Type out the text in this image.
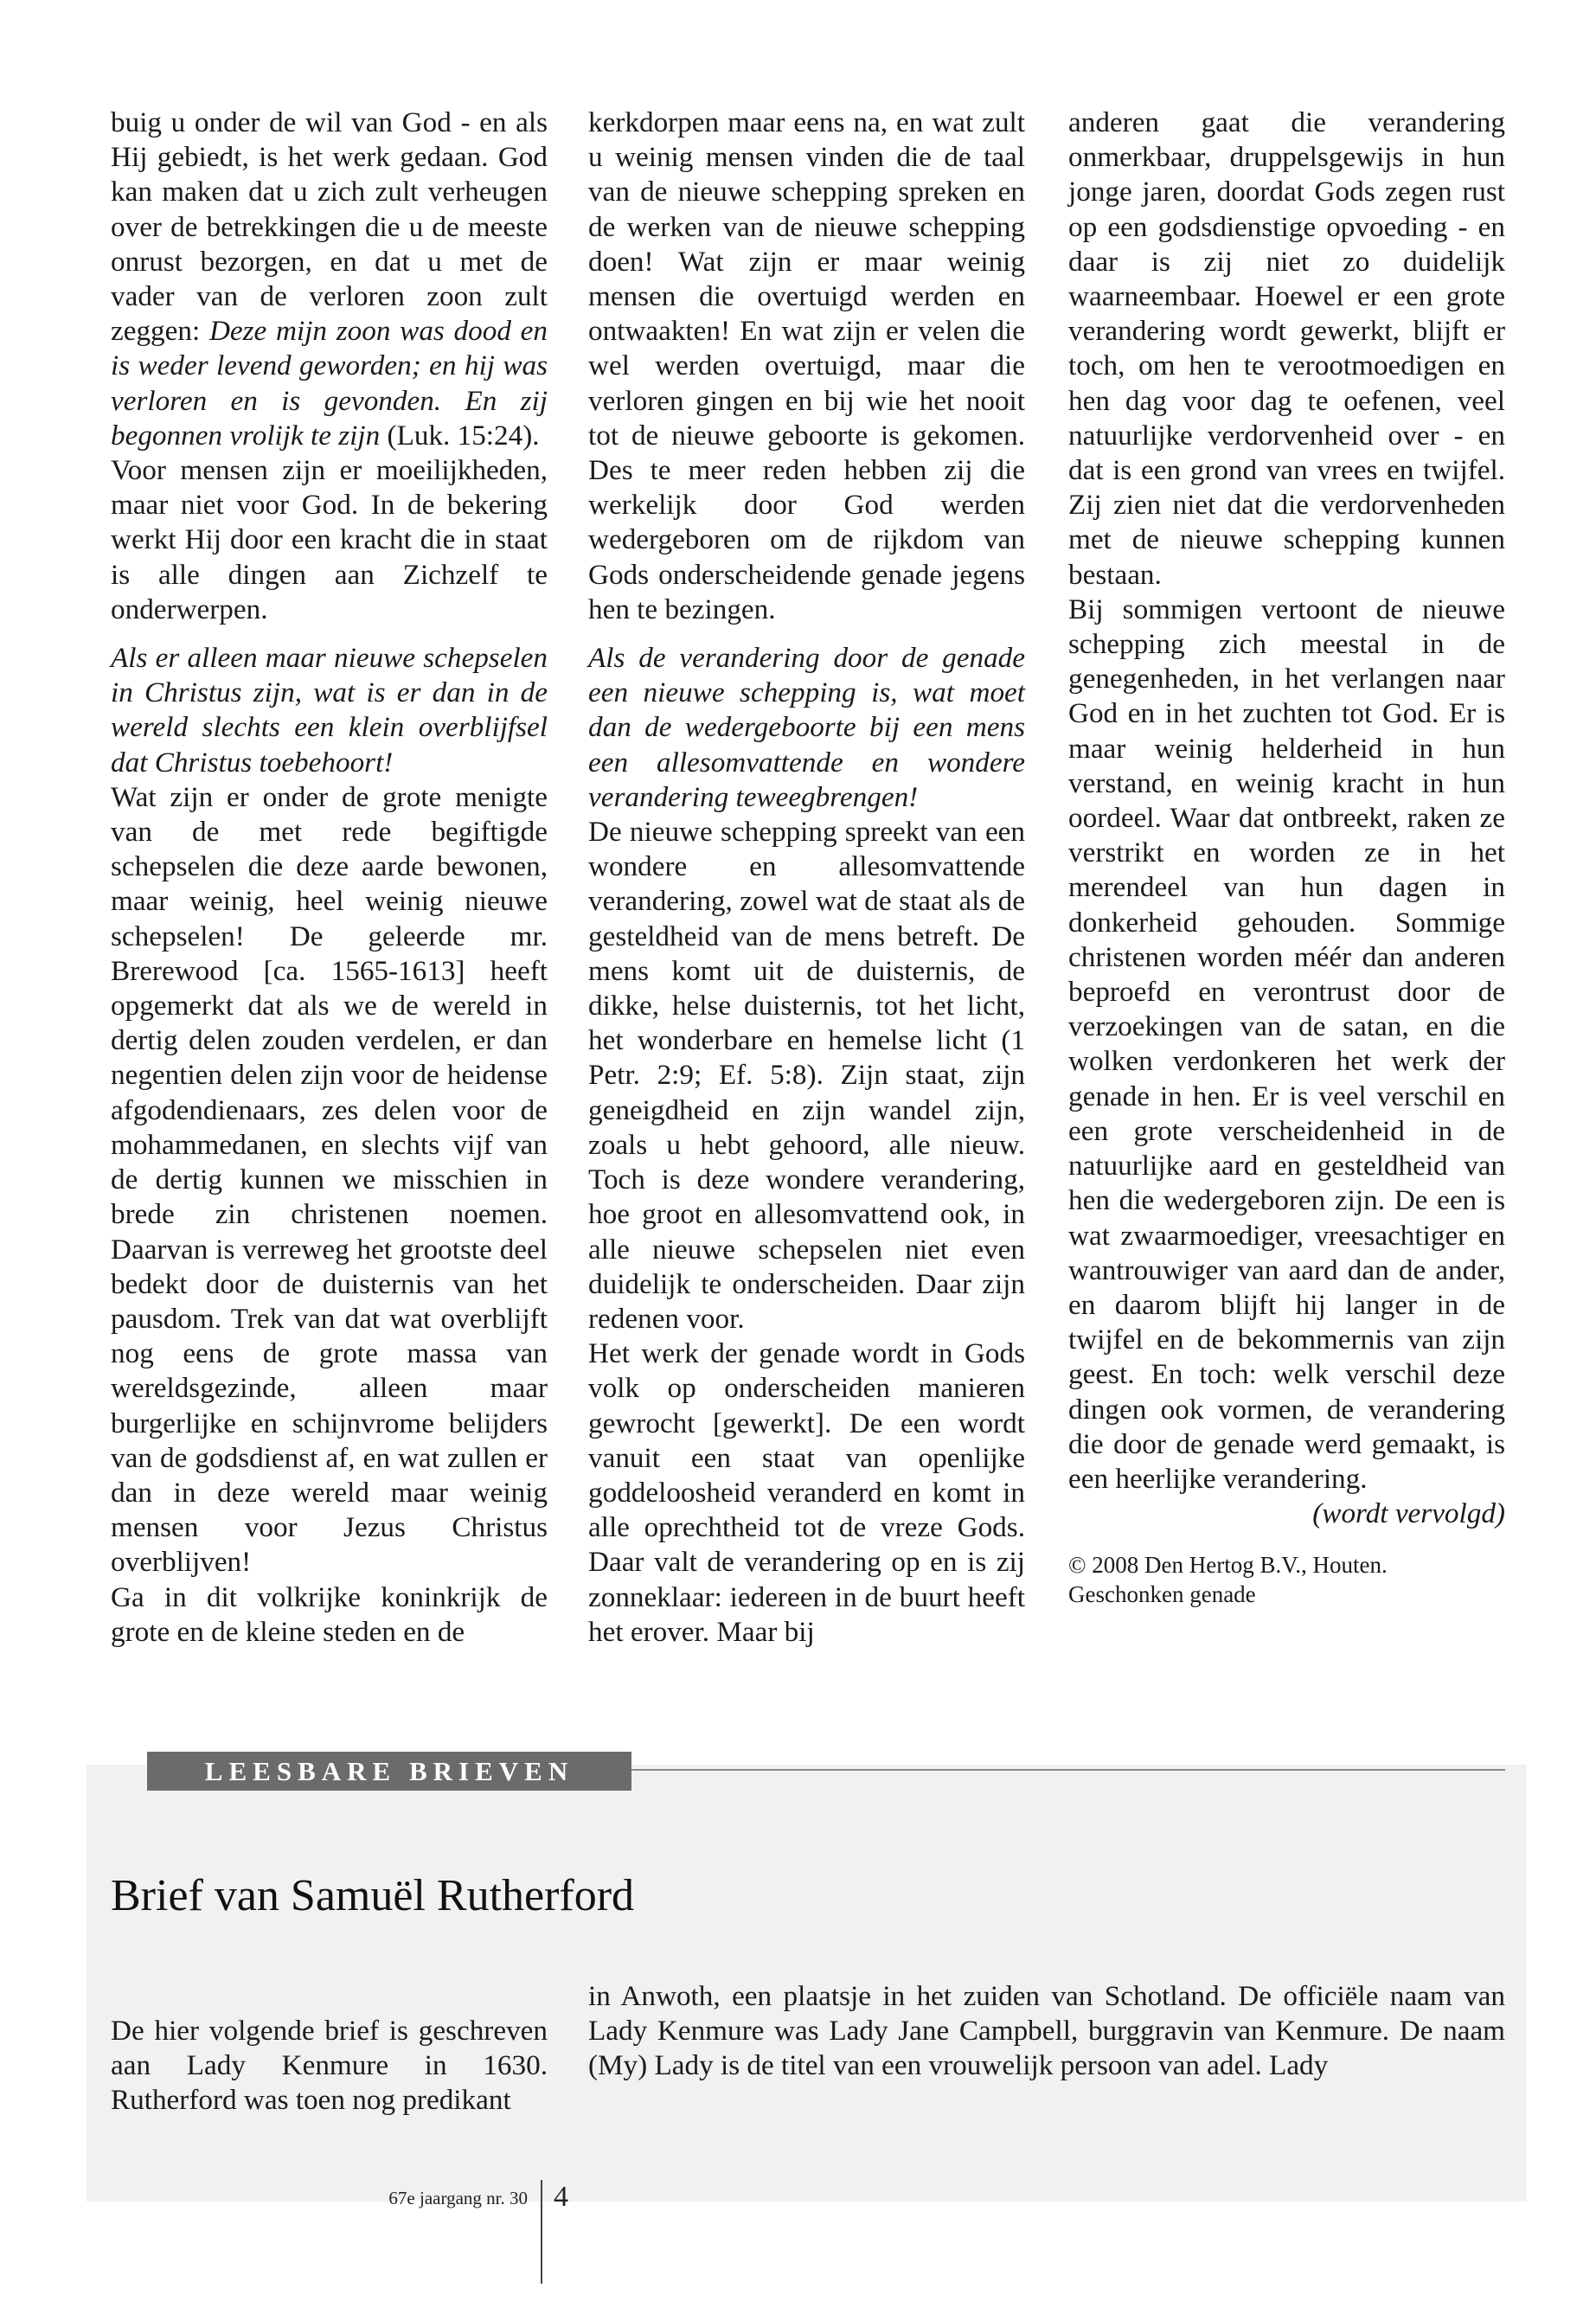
buig u onder de wil van God - en als Hij gebiedt, is het werk gedaan. God kan maken dat u zich zult verheugen over de betrekkingen die u de meeste onrust bezorgen, en dat u met de vader van de verloren zoon zult zeggen: Deze mijn zoon was dood en is weder levend geworden; en hij was verloren en is gevonden. En zij begonnen vrolijk te zijn (Luk. 15:24).

Voor mensen zijn er moeilijkheden, maar niet voor God. In de bekering werkt Hij door een kracht die in staat is alle dingen aan Zichzelf te onderwerpen.

Als er alleen maar nieuwe schepselen in Christus zijn, wat is er dan in de wereld slechts een klein overblijfsel dat Christus toebehoort!

Wat zijn er onder de grote menigte van de met rede begiftigde schepselen die deze aarde bewonen, maar weinig, heel weinig nieuwe schepselen! De geleerde mr. Brerewood [ca. 1565-1613] heeft opgemerkt dat als we de wereld in dertig delen zouden verdelen, er dan negentien delen zijn voor de heidense afgodendienaars, zes delen voor de mohammedanen, en slechts vijf van de dertig kunnen we misschien in brede zin christenen noemen. Daarvan is verreweg het grootste deel bedekt door de duisternis van het pausdom. Trek van dat wat overblijft nog eens de grote massa van wereldsgezinde, alleen maar burgerlijke en schijnvrome belijders van de godsdienst af, en wat zullen er dan in deze wereld maar weinig mensen voor Jezus Christus overblijven!

Ga in dit volkrijke koninkrijk de grote en de kleine steden en de

kerkdorpen maar eens na, en wat zult u weinig mensen vinden die de taal van de nieuwe schepping spreken en de werken van de nieuwe schepping doen! Wat zijn er maar weinig mensen die overtuigd werden en ontwaakten! En wat zijn er velen die wel werden overtuigd, maar die verloren gingen en bij wie het nooit tot de nieuwe geboorte is gekomen. Des te meer reden hebben zij die werkelijk door God werden wedergeboren om de rijkdom van Gods onderscheidende genade jegens hen te bezingen.

Als de verandering door de genade een nieuwe schepping is, wat moet dan de wedergeboorte bij een mens een allesomvattende en wondere verandering teweegbrengen!

De nieuwe schepping spreekt van een wondere en allesomvattende verandering, zowel wat de staat als de gesteldheid van de mens betreft. De mens komt uit de duisternis, de dikke, helse duisternis, tot het licht, het wonderbare en hemelse licht (1 Petr. 2:9; Ef. 5:8). Zijn staat, zijn geneigdheid en zijn wandel zijn, zoals u hebt gehoord, alle nieuw. Toch is deze wondere verandering, hoe groot en allesomvattend ook, in alle nieuwe schepselen niet even duidelijk te onderscheiden. Daar zijn redenen voor.

Het werk der genade wordt in Gods volk op onderscheiden manieren gewrocht [gewerkt]. De een wordt vanuit een staat van openlijke goddeloosheid veranderd en komt in alle oprechtheid tot de vreze Gods. Daar valt de verandering op en is zij zonneklaar: iedereen in de buurt heeft het erover. Maar bij

anderen gaat die verandering onmerkbaar, druppelsgewijs in hun jonge jaren, doordat Gods zegen rust op een godsdienstige opvoeding - en daar is zij niet zo duidelijk waarneembaar. Hoewel er een grote verandering wordt gewerkt, blijft er toch, om hen te verootmoedigen en hen dag voor dag te oefenen, veel natuurlijke verdorvenheid over - en dat is een grond van vrees en twijfel. Zij zien niet dat die verdorvenheden met de nieuwe schepping kunnen bestaan.

Bij sommigen vertoont de nieuwe schepping zich meestal in de genegenheden, in het verlangen naar God en in het zuchten tot God. Er is maar weinig helderheid in hun verstand, en weinig kracht in hun oordeel. Waar dat ontbreekt, raken ze verstrikt en worden ze in het merendeel van hun dagen in donkerheid gehouden. Sommige christenen worden méér dan anderen beproefd en verontrust door de verzoekingen van de satan, en die wolken verdonkeren het werk der genade in hen. Er is veel verschil en een grote verscheidenheid in de natuurlijke aard en gesteldheid van hen die wedergeboren zijn. De een is wat zwaarmoediger, vreesachtiger en wantrouwiger van aard dan de ander, en daarom blijft hij langer in de twijfel en de bekommernis van zijn geest. En toch: welk verschil deze dingen ook vormen, de verandering die door de genade werd gemaakt, is een heerlijke verandering.

(wordt vervolgd)

© 2008 Den Hertog B.V., Houten.
Geschonken genade

LEESBARE BRIEVEN
Brief van Samuël Rutherford

De hier volgende brief is geschreven aan Lady Kenmure in 1630. Rutherford was toen nog predikant

in Anwoth, een plaatsje in het zuiden van Schotland. De officiële naam van Lady Kenmure was Lady Jane Campbell, burggravin van Kenmure. De naam (My) Lady is de titel van een vrouwelijk persoon van adel. Lady

67e jaargang nr. 30 4
